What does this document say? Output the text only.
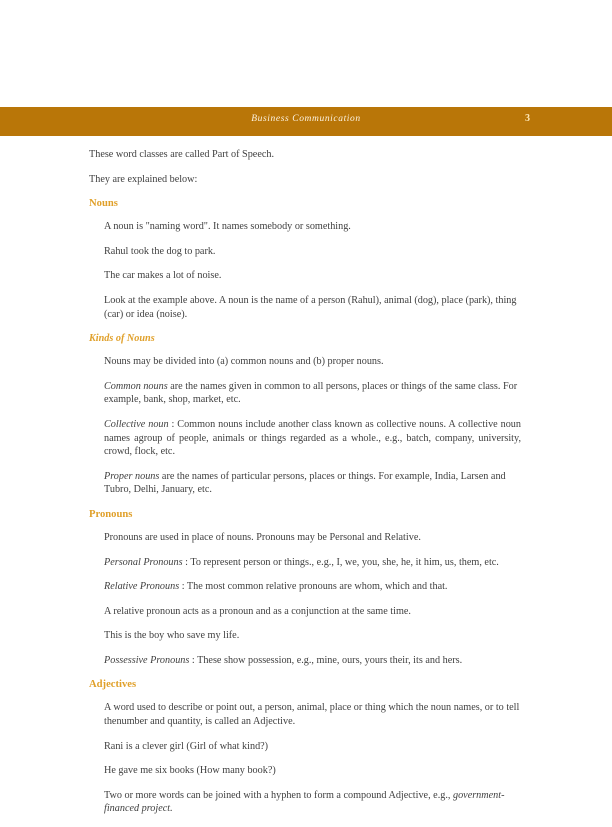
Business Communication	3

These word classes are called Part of Speech.

They are explained below:

Nouns

A noun is "naming word". It names somebody or something.

Rahul took the dog to park.

The car makes a lot of noise.

Look at the example above. A noun is the name of a person (Rahul), animal (dog), place (park), thing (car) or idea (noise).

Kinds of Nouns

Nouns may be divided into (a) common nouns and (b) proper nouns.

Common nouns are the names given in common to all persons, places or things of the same class. For example, bank, shop, market, etc.

Collective noun : Common nouns include another class known as collective nouns. A collective noun names agroup of people, animals or things regarded as a whole., e.g., batch, company, university, crowd, flock, etc.

Proper nouns are the names of particular persons, places or things. For example, India, Larsen and Tubro, Delhi, January, etc.

Pronouns

Pronouns are used in place of nouns. Pronouns may be Personal and Relative.

Personal Pronouns : To represent person or things., e.g., I, we, you, she, he, it him, us, them, etc.

Relative Pronouns : The most common relative pronouns are whom, which and that.

A relative pronoun acts as a pronoun and as a conjunction at the same time.

This is the boy who save my life.

Possessive Pronouns : These show possession, e.g., mine, ours, yours their, its and hers.

Adjectives

A word used to describe or point out, a person, animal, place or thing which the noun names, or to tell thenumber and quantity, is called an Adjective.

Rani is a clever girl (Girl of what kind?)

He gave me six books (How many book?)

Two or more words can be joined with a hyphen to form a compound Adjective, e.g., government-financed project.
